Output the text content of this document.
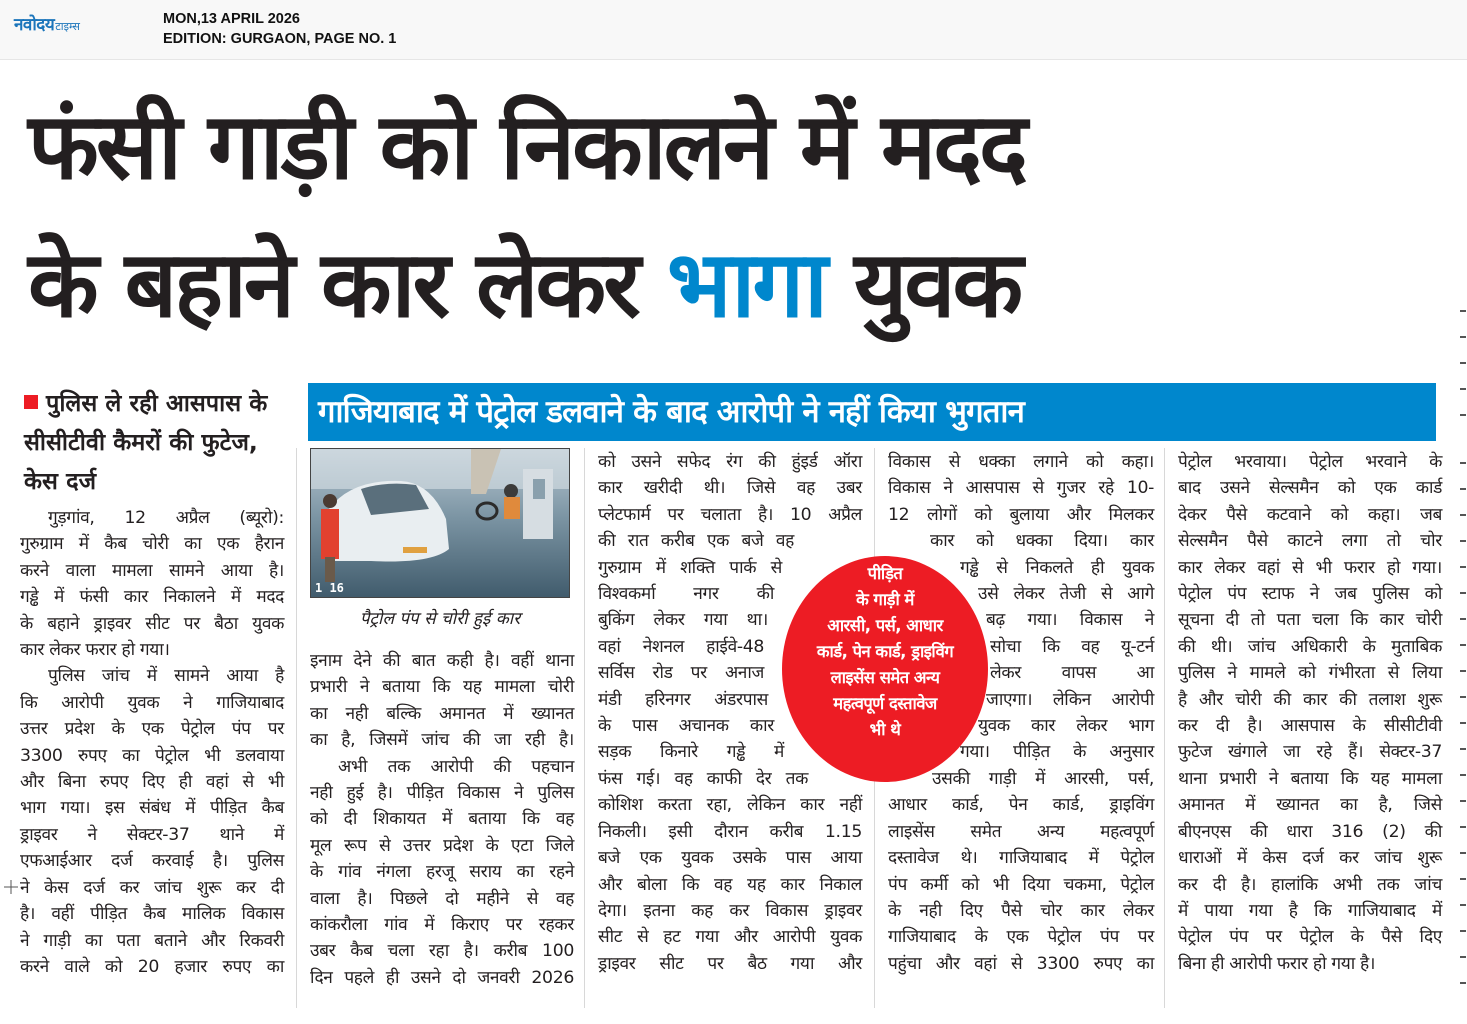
नवोदय टाइम्स	MON,13 APRIL 2026
EDITION: GURGAON, PAGE NO. 1
फंसी गाड़ी को निकालने में मदद
के बहाने कार लेकर भागा युवक
पुलिस ले रही आसपास के सीसीटीवी कैमरों की फुटेज, केस दर्ज
गाजियाबाद में पेट्रोल डलवाने के बाद आरोपी ने नहीं किया भुगतान
1 16
पैट्रोल पंप से चोरी हुई कार
गुड़गांव, 12 अप्रैल (ब्यूरो):
गुरुग्राम में कैब चोरी का एक हैरान
करने वाला मामला सामने आया है।
गड्ढे में फंसी कार निकालने में मदद
के बहाने ड्राइवर सीट पर बैठा युवक
कार लेकर फरार हो गया।
पुलिस जांच में सामने आया है
कि आरोपी युवक ने गाजियाबाद
उत्तर प्रदेश के एक पेट्रोल पंप पर
3300 रुपए का पेट्रोल भी डलवाया
और बिना रुपए दिए ही वहां से भी
भाग गया। इस संबंध में पीड़ित कैब
ड्राइवर ने सेक्टर-37 थाने में
एफआईआर दर्ज करवाई है। पुलिस
ने केस दर्ज कर जांच शुरू कर दी
है। वहीं पीड़ित कैब मालिक विकास
ने गाड़ी का पता बताने और रिकवरी
करने वाले को 20 हजार रुपए का
इनाम देने की बात कही है। वहीं थाना
प्रभारी ने बताया कि यह मामला चोरी
का नही बल्कि अमानत में ख्यानत
का है, जिसमें जांच की जा रही है।
अभी तक आरोपी की पहचान
नही हुई है। पीड़ित विकास ने पुलिस
को दी शिकायत में बताया कि वह
मूल रूप से उत्तर प्रदेश के एटा जिले
के गांव नंगला हरजू सराय का रहने
वाला है। पिछले दो महीने से वह
कांकरौला गांव में किराए पर रहकर
उबर कैब चला रहा है। करीब 100
दिन पहले ही उसने दो जनवरी 2026
को उसने सफेद रंग की हुंइर्ड ऑरा
कार खरीदी थी। जिसे वह उबर
प्लेटफार्म पर चलाता है। 10 अप्रैल
की रात करीब एक बजे वह
गुरुग्राम में शक्ति पार्क से
विश्वकर्मा नगर की
बुकिंग लेकर गया था।
वहां नेशनल हाईवे-48
सर्विस रोड पर अनाज
मंडी हरिनगर अंडरपास
के पास अचानक कार
सड़क किनारे गड्ढे में
फंस गई। वह काफी देर तक
कोशिश करता रहा, लेकिन कार नहीं
निकली। इसी दौरान करीब 1.15
बजे एक युवक उसके पास आया
और बोला कि वह यह कार निकाल
देगा। इतना कह कर विकास ड्राइवर
सीट से हट गया और आरोपी युवक
ड्राइवर सीट पर बैठ गया और
विकास से धक्का लगाने को कहा।
विकास ने आसपास से गुजर रहे 10-
12 लोगों को बुलाया और मिलकर
कार को धक्का दिया। कार
गड्ढे से निकलते ही युवक
उसे लेकर तेजी से आगे
बढ़ गया। विकास ने
सोचा कि वह यू-टर्न
लेकर वापस आ
जाएगा। लेकिन आरोपी
युवक कार लेकर भाग
गया। पीड़ित के अनुसार
उसकी गाड़ी में आरसी, पर्स,
आधार कार्ड, पेन कार्ड, ड्राइविंग
लाइसेंस समेत अन्य महत्वपूर्ण
दस्तावेज थे। गाजियाबाद में पेट्रोल
पंप कर्मी को भी दिया चकमा, पेट्रोल
के नही दिए पैसे चोर कार लेकर
गाजियाबाद के एक पेट्रोल पंप पर
पहुंचा और वहां से 3300 रुपए का
पेट्रोल भरवाया। पेट्रोल भरवाने के
बाद उसने सेल्समैन को एक कार्ड
देकर पैसे कटवाने को कहा। जब
सेल्समैन पैसे काटने लगा तो चोर
कार लेकर वहां से भी फरार हो गया।
पेट्रोल पंप स्टाफ ने जब पुलिस को
सूचना दी तो पता चला कि कार चोरी
की थी। जांच अधिकारी के मुताबिक
पुलिस ने मामले को गंभीरता से लिया
है और चोरी की कार की तलाश शुरू
कर दी है। आसपास के सीसीटीवी
फुटेज खंगाले जा रहे हैं। सेक्टर-37
थाना प्रभारी ने बताया कि यह मामला
अमानत में ख्यानत का है, जिसे
बीएनएस की धारा 316 (2) की
धाराओं में केस दर्ज कर जांच शुरू
कर दी है। हालांकि अभी तक जांच
में पाया गया है कि गाजियाबाद में
पेट्रोल पंप पर पेट्रोल के पैसे दिए
बिना ही आरोपी फरार हो गया है।
पीड़ित
के गाड़ी में
आरसी, पर्स, आधार
कार्ड, पेन कार्ड, ड्राइविंग
लाइसेंस समेत अन्य
महत्वपूर्ण दस्तावेज
भी थे
